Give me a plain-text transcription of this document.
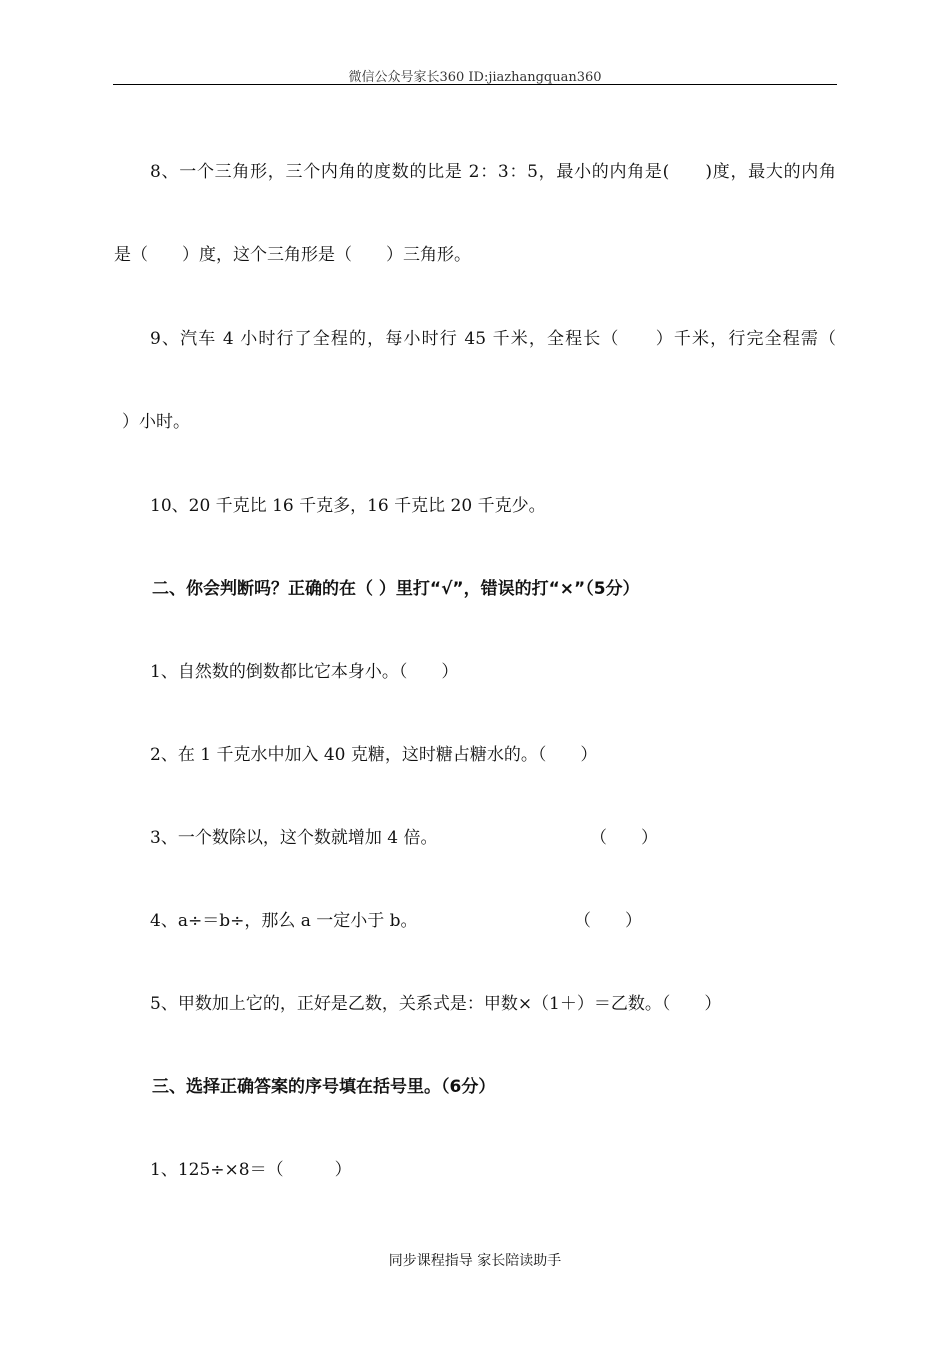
微信公众号家长360 ID:jiazhangquan360
8、一个三角形，三个内角的度数的比是 2：3：5，最小的内角是(　　)度，最大的内角
是（　　）度，这个三角形是（　　）三角形。
9、汽车 4 小时行了全程的，每小时行 45 千米，全程长（　　）千米，行完全程需（
）小时。
10、20 千克比 16 千克多，16 千克比 20 千克少。
二、你会判断吗？正确的在（ ）里打“√”，错误的打“×”（5分）
1、自然数的倒数都比它本身小。（　　）
2、在 1 千克水中加入 40 克糖，这时糖占糖水的。（　　）
3、一个数除以，这个数就增加 4 倍。	（　　）
4、a÷＝b÷，那么 a 一定小于 b。	（　　）
5、甲数加上它的，正好是乙数，关系式是：甲数×（1＋）＝乙数。（　　）
三、选择正确答案的序号填在括号里。（6分）
1、125÷×8＝（　　　）
同步课程指导 家长陪读助手
